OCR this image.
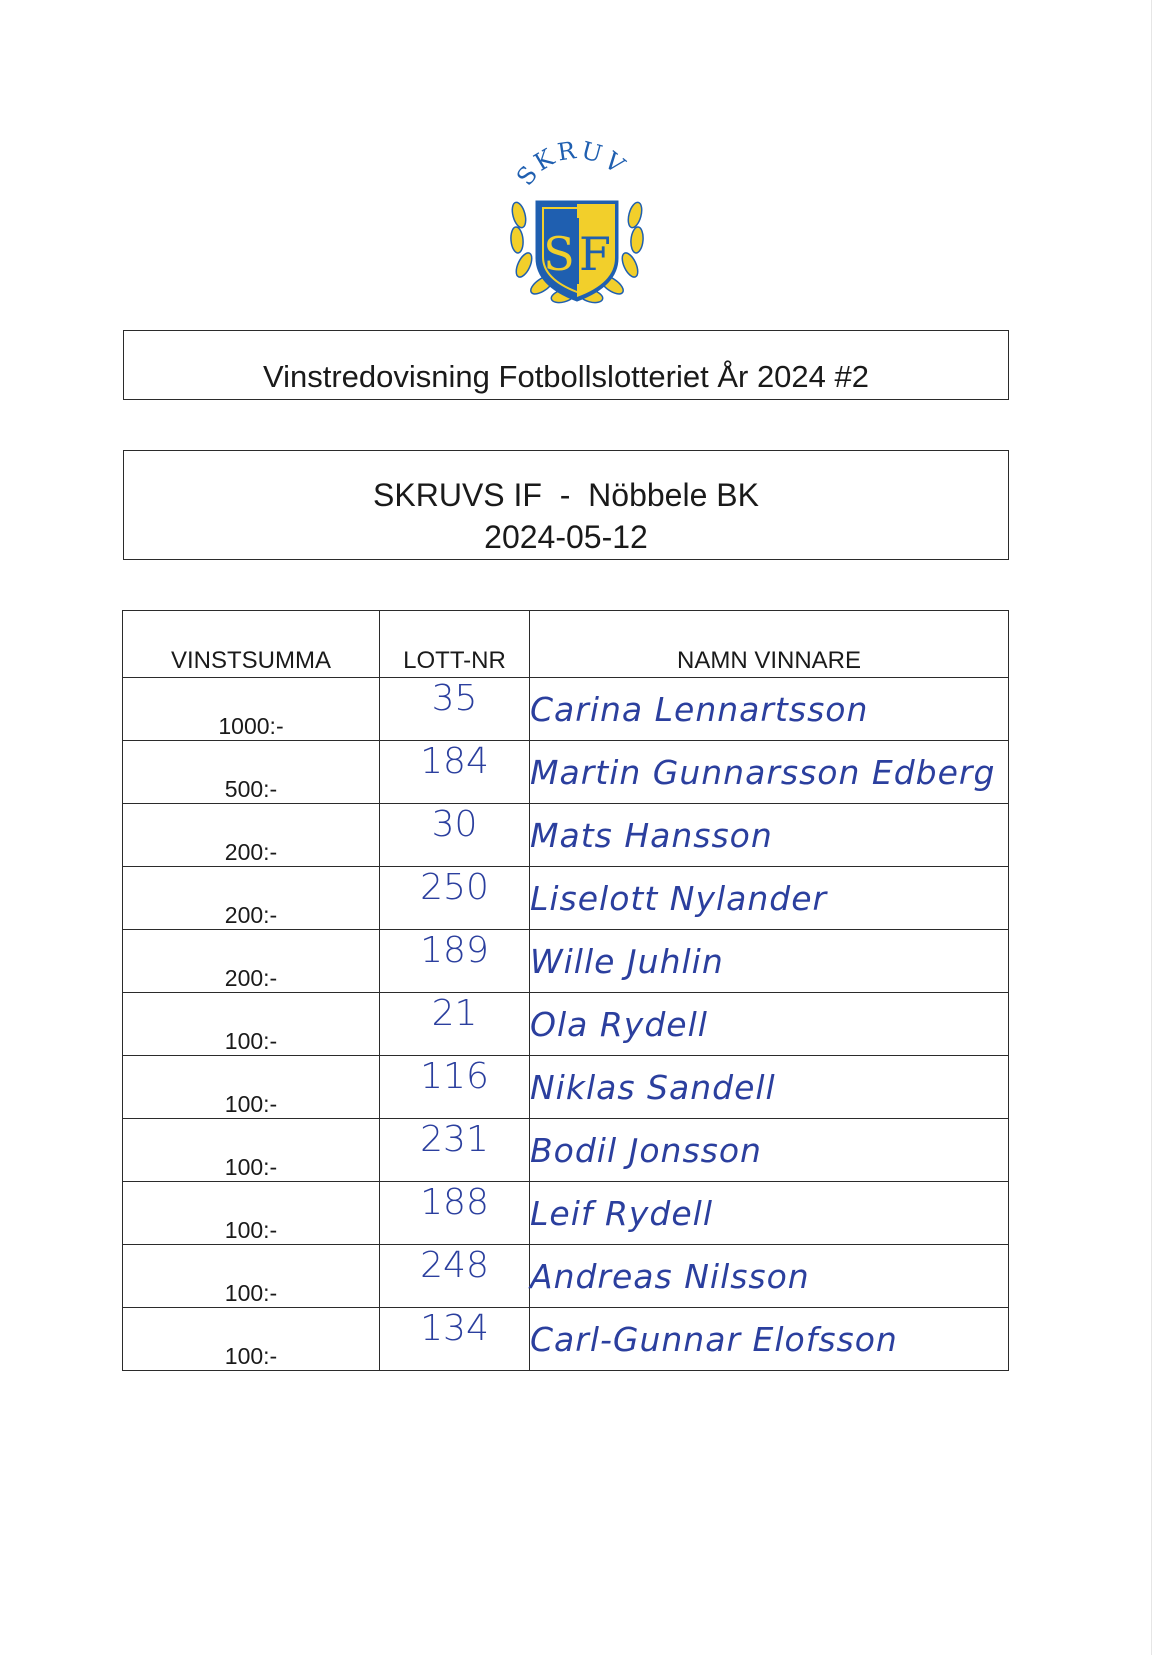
SKRUV
S F
Vinstredovisning Fotbollslotteriet År 2024 #2
SKRUVS IF  -  Nöbbele BK
2024-05-12
VINSTSUMMA	LOTT-NR	NAMN VINNARE
1000:-	35	Carina Lennartsson
500:-	184	Martin Gunnarsson Edberg
200:-	30	Mats Hansson
200:-	250	Liselott Nylander
200:-	189	Wille Juhlin
100:-	21	Ola Rydell
100:-	116	Niklas Sandell
100:-	231	Bodil Jonsson
100:-	188	Leif Rydell
100:-	248	Andreas Nilsson
100:-	134	Carl-Gunnar Elofsson
